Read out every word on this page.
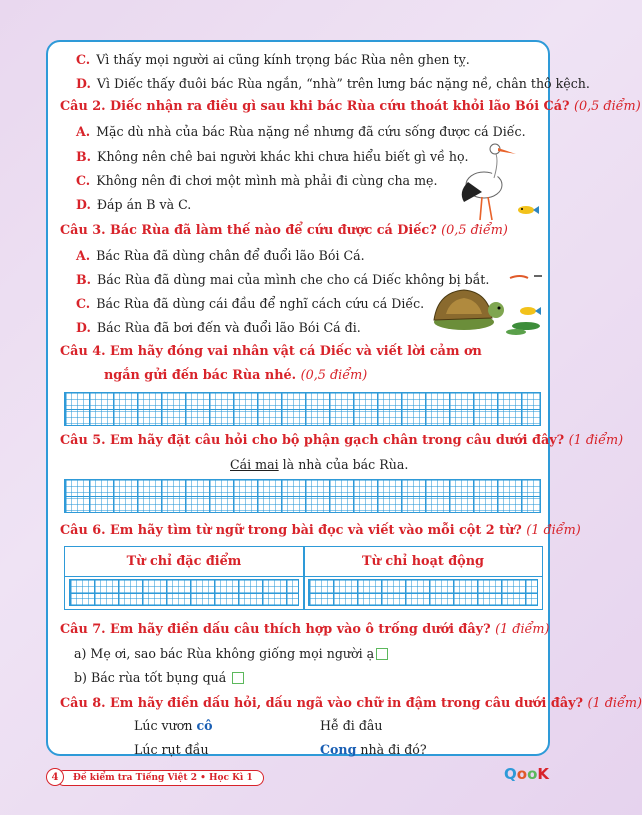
C. Vì thấy mọi người ai cũng kính trọng bác Rùa nên ghen tỵ.
D. Vì Diếc thấy đuôi bác Rùa ngắn, “nhà” trên lưng bác nặng nề, chân thô kệch.
Câu 2. Diếc nhận ra điều gì sau khi bác Rùa cứu thoát khỏi lão Bói Cá? (0,5 điểm)
A. Mặc dù nhà của bác Rùa nặng nề nhưng đã cứu sống được cá Diếc.
B. Không nên chê bai người khác khi chưa hiểu biết gì về họ.
C. Không nên đi chơi một mình mà phải đi cùng cha mẹ.
D. Đáp án B và C.
Câu 3. Bác Rùa đã làm thế nào để cứu được cá Diếc? (0,5 điểm)
A. Bác Rùa đã dùng chân để đuổi lão Bói Cá.
B. Bác Rùa đã dùng mai của mình che cho cá Diếc không bị bắt.
C. Bác Rùa đã dùng cái đầu để nghĩ cách cứu cá Diếc.
D. Bác Rùa đã bơi đến và đuổi lão Bói Cá đi.
Câu 4. Em hãy đóng vai nhân vật cá Diếc và viết lời cảm ơn
ngắn gửi đến bác Rùa nhé. (0,5 điểm)
Câu 5. Em hãy đặt câu hỏi cho bộ phận gạch chân trong câu dưới đây? (1 điểm)
Cái mai là nhà của bác Rùa.
Câu 6. Em hãy tìm từ ngữ trong bài đọc và viết vào mỗi cột 2 từ? (1 điểm)
Từ chỉ đặc điểm	Từ chỉ hoạt động
Câu 7. Em hãy điền dấu câu thích hợp vào ô trống dưới đây? (1 điểm)
a) Mẹ ơi, sao bác Rùa không giống mọi người ạ
b) Bác rùa tốt bụng quá
Câu 8. Em hãy điền dấu hỏi, dấu ngã vào chữ in đậm trong câu dưới đây? (1 điểm)
Lúc vươn cô	Hễ đi đâu
Lúc rụt đầu	Cong nhà đi đó?
4	Đề kiểm tra Tiếng Việt 2 • Học Kì 1	QooK
